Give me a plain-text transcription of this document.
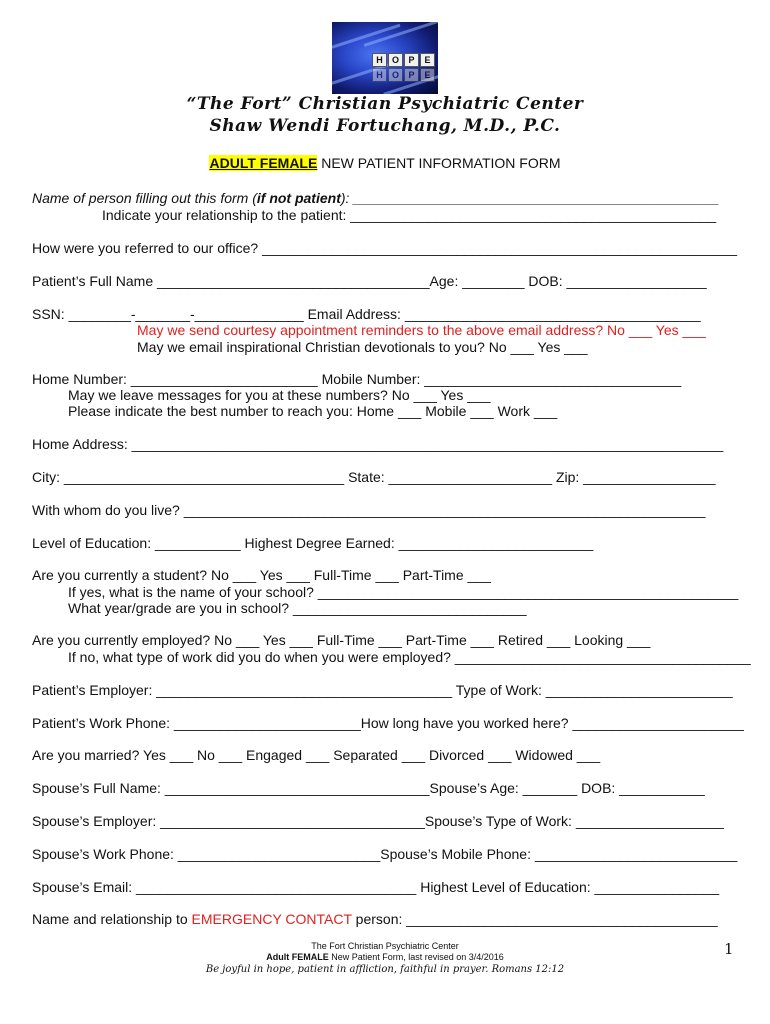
H	O	P	E
H	O	P	E
“The Fort” Christian Psychiatric Center
Shaw Wendi Fortuchang, M.D., P.C.
ADULT FEMALE NEW PATIENT INFORMATION FORM
Name of person filling out this form (if not patient): _______________________________________________
Indicate your relationship to the patient: _______________________________________________
How were you referred to our office? _____________________________________________________________
Patient’s Full Name ___________________________________Age: ________ DOB: __________________
SSN: ________-_______-______________ Email Address: ______________________________________
May we send courtesy appointment reminders to the above email address? No ___ Yes ___
May we email inspirational Christian devotionals to you? No ___ Yes ___
Home Number: ________________________ Mobile Number: _________________________________
May we leave messages for you at these numbers? No ___ Yes ___
Please indicate the best number to reach you: Home ___ Mobile ___ Work ___
Home Address: ____________________________________________________________________________
City: ____________________________________ State: _____________________ Zip: _________________
With whom do you live? ___________________________________________________________________
Level of Education: ___________ Highest Degree Earned: _________________________
Are you currently a student? No ___ Yes ___ Full-Time ___ Part-Time ___
If yes, what is the name of your school? ______________________________________________________
What year/grade are you in school? ______________________________
Are you currently employed? No ___ Yes ___ Full-Time ___ Part-Time ___ Retired ___ Looking ___
If no, what type of work did you do when you were employed? ______________________________________
Patient’s Employer: ______________________________________ Type of Work: ________________________
Patient’s Work Phone: ________________________How long have you worked here? ______________________
Are you married? Yes ___ No ___ Engaged ___ Separated ___ Divorced ___ Widowed ___
Spouse’s Full Name: __________________________________Spouse’s Age: _______ DOB: ___________
Spouse’s Employer: __________________________________Spouse’s Type of Work: ___________________
Spouse’s Work Phone: __________________________Spouse’s Mobile Phone: __________________________
Spouse’s Email: ____________________________________ Highest Level of Education: ________________
Name and relationship to EMERGENCY CONTACT person: ________________________________________
The Fort Christian Psychiatric Center
Adult FEMALE New Patient Form, last revised on 3/4/2016
Be joyful in hope, patient in affliction, faithful in prayer. Romans 12:12
1
